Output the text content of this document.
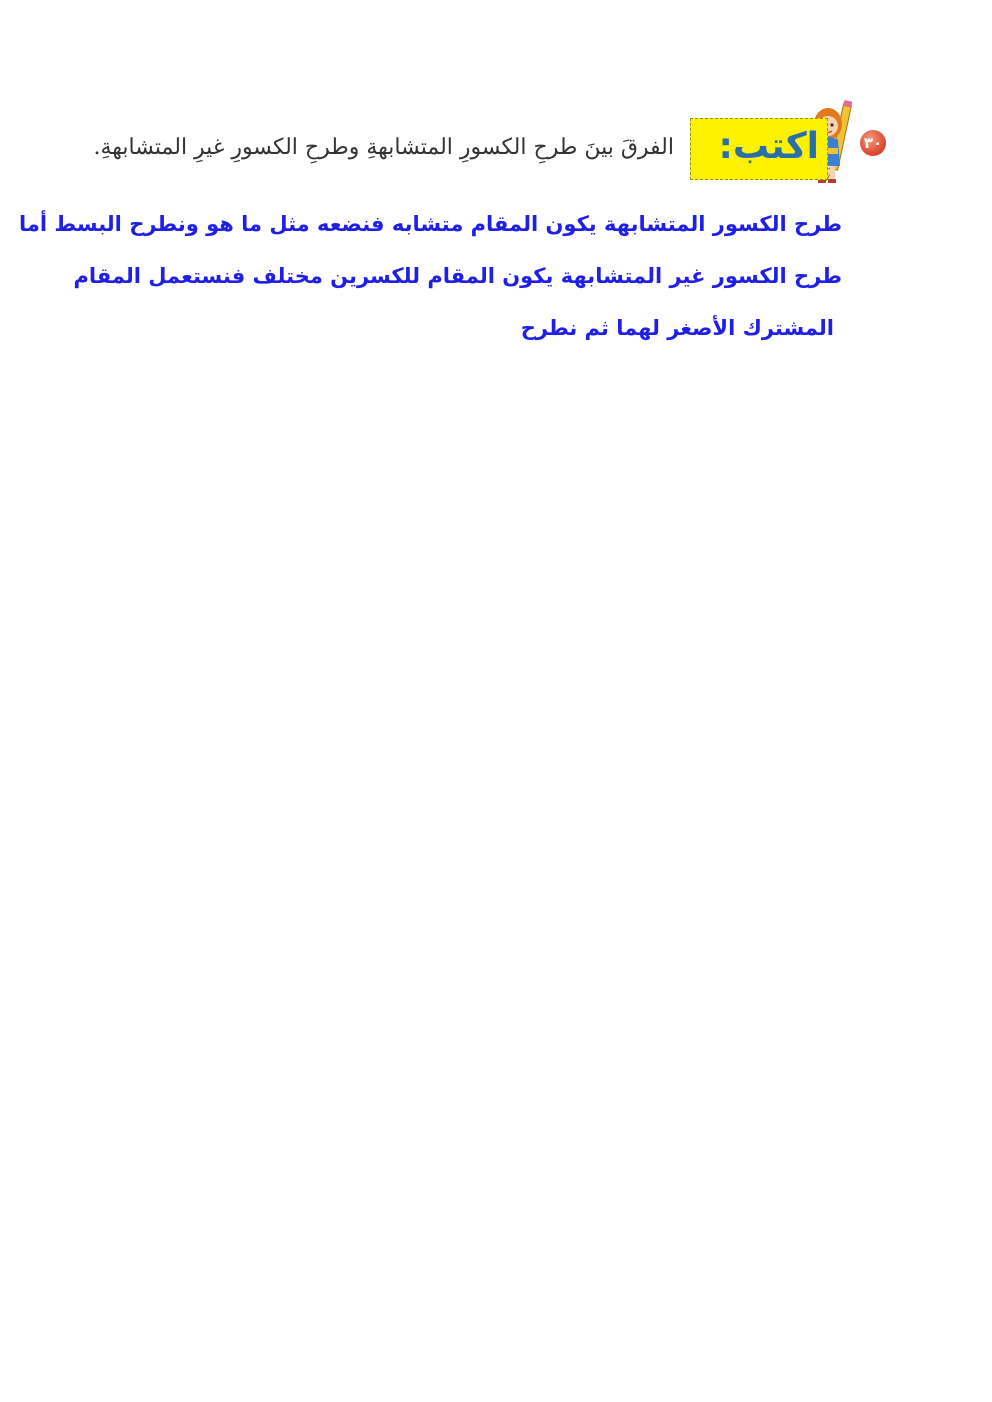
٣٠
اكتب:
الفرقَ بينَ طرحِ الكسورِ المتشابهةِ وطرحِ الكسورِ غيرِ المتشابهةِ.
طرح الكسور المتشابهة يكون المقام متشابه فنضعه مثل ما هو ونطرح البسط أما
طرح الكسور غير المتشابهة يكون المقام للكسرين مختلف فنستعمل المقام
المشترك الأصغر لهما ثم نطرح
